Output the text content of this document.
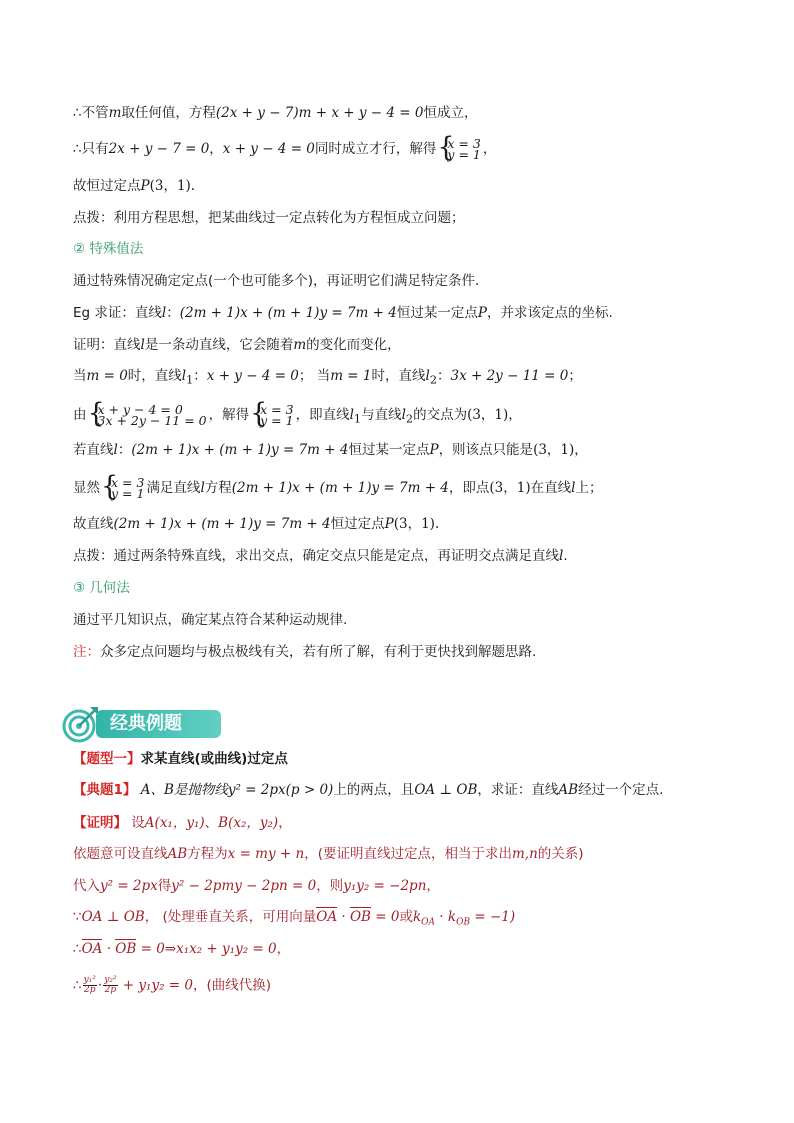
∴不管m取任何值，方程(2x + y − 7)m + x + y − 4 = 0恒成立，
∴只有2x + y − 7 = 0，x + y − 4 = 0同时成立才行，解得 { x = 3
y = 1 ，
故恒过定点P(3，1).
点拨：利用方程思想，把某曲线过一定点转化为方程恒成立问题；
② 特殊值法
通过特殊情况确定定点(一个也可能多个)，再证明它们满足特定条件.
Eg 求证：直线l：(2m + 1)x + (m + 1)y = 7m + 4恒过某一定点P，并求该定点的坐标.
证明：直线l是一条动直线，它会随着m的变化而变化，
当m = 0时，直线$l_1$：x + y − 4 = 0； 当m = 1时，直线$l_2$：3x + 2y − 11 = 0；
由 { x + y − 4 = 0
3x + 2y − 11 = 0 ，解得 { x = 3
y = 1 ，即直线$l_1$与直线$l_2$的交点为(3，1)，
若直线l：(2m + 1)x + (m + 1)y = 7m + 4恒过某一定点P，则该点只能是(3，1)，
显然 { x = 3
y = 1 满足直线l方程(2m + 1)x + (m + 1)y = 7m + 4，即点(3，1)在直线l上；
故直线(2m + 1)x + (m + 1)y = 7m + 4恒过定点P(3，1).
点拨：通过两条特殊直线，求出交点，确定交点只能是定点，再证明交点满足直线l.
③ 几何法
通过平几知识点，确定某点符合某种运动规律.
注：众多定点问题均与极点极线有关，若有所了解，有利于更快找到解题思路.
经典例题
【题型一】求某直线(或曲线)过定点
【典题1】 A、B是抛物线y² = 2px(p > 0)上的两点，且OA ⊥ OB，求证：直线AB经过一个定点.
【证明】 设A(x₁，y₁)、B(x₂，y₂)，
依题意可设直线AB方程为x = my + n，(要证明直线过定点，相当于求出m,n的关系)
代入y² = 2px得y² − 2pmy − 2pn = 0，则y₁y₂ = −2pn，
∵OA ⊥ OB， (处理垂直关系，可用向量OA · OB = 0或$k_{OA} \cdot k_{OB} = -1$)
∴OA · OB = 0⇒x₁x₂ + y₁y₂ = 0，
∴ $\frac{\text{y₁²}}{2p} \cdot \frac{\text{y₂²}}{2p} + y_1y_2 = 0$，(曲线代换)
